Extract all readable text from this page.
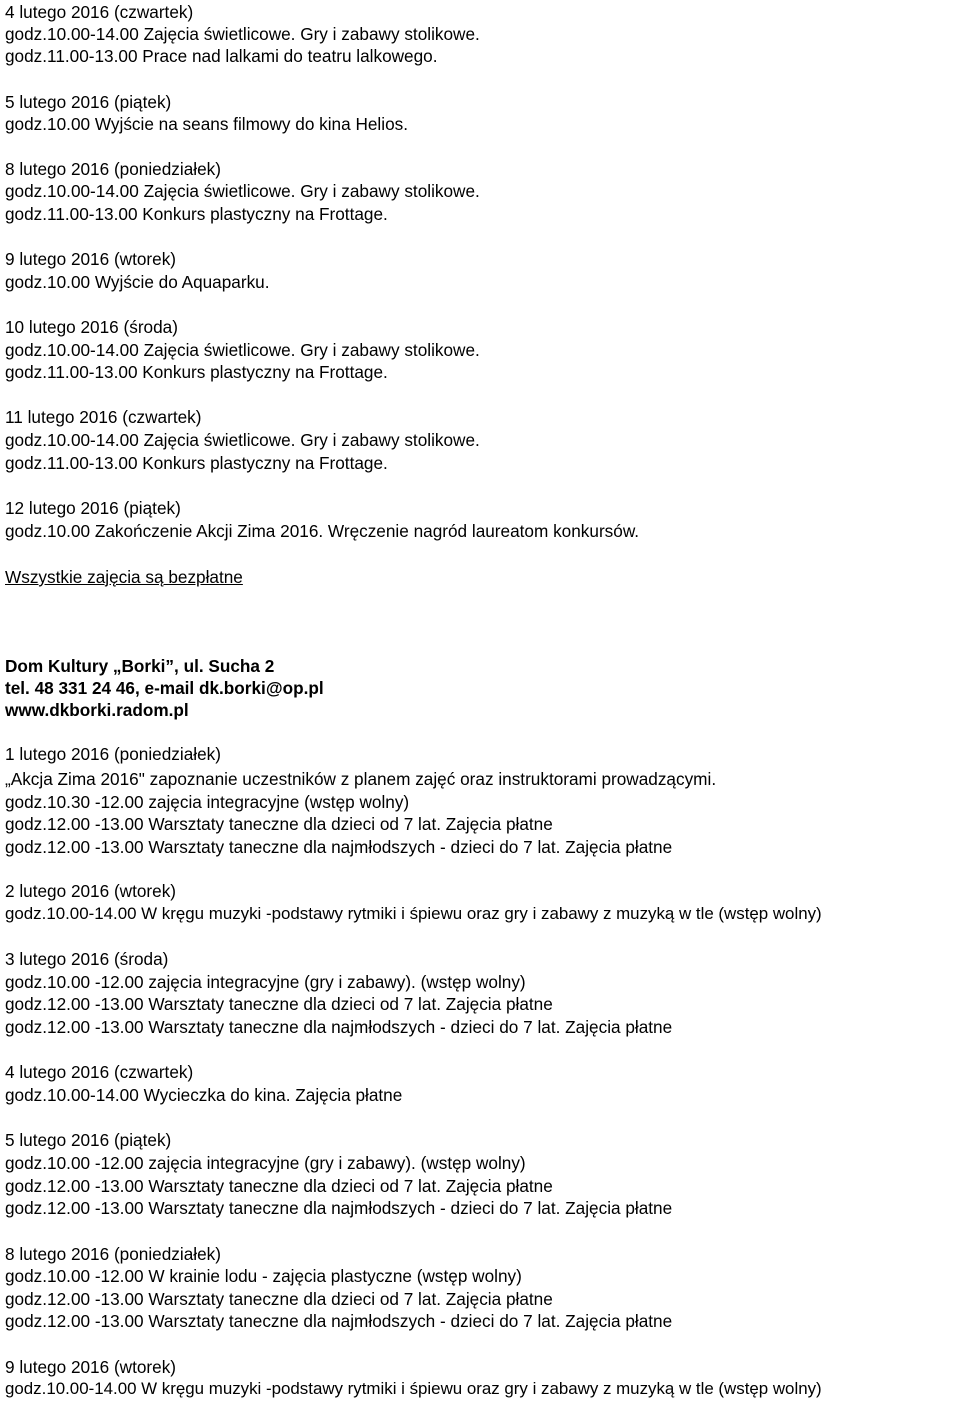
4 lutego 2016 (czwartek)

godz.10.00-14.00 Zajęcia świetlicowe. Gry i zabawy stolikowe.

godz.11.00-13.00 Prace nad lalkami do teatru lalkowego.

5 lutego 2016 (piątek)

godz.10.00 Wyjście na seans filmowy do kina Helios.

8 lutego 2016 (poniedziałek)

godz.10.00-14.00 Zajęcia świetlicowe. Gry i zabawy stolikowe.

godz.11.00-13.00 Konkurs plastyczny na Frottage.

9 lutego 2016 (wtorek)

godz.10.00 Wyjście do Aquaparku.

10 lutego 2016 (środa)

godz.10.00-14.00 Zajęcia świetlicowe. Gry i zabawy stolikowe.

godz.11.00-13.00 Konkurs plastyczny na Frottage.

11 lutego 2016 (czwartek)

godz.10.00-14.00 Zajęcia świetlicowe. Gry i zabawy stolikowe.

godz.11.00-13.00 Konkurs plastyczny na Frottage.

12 lutego 2016 (piątek)

godz.10.00 Zakończenie Akcji Zima 2016. Wręczenie nagród laureatom konkursów.

Wszystkie zajęcia są bezpłatne

Dom Kultury „Borki”, ul. Sucha 2

tel. 48 331 24 46, e-mail dk.borki@op.pl

www.dkborki.radom.pl

1 lutego 2016 (poniedziałek)

„Akcja Zima 2016" zapoznanie uczestników z planem zajęć oraz instruktorami prowadzącymi.

godz.10.30 -12.00 zajęcia integracyjne (wstęp wolny)

godz.12.00 -13.00 Warsztaty taneczne dla dzieci od 7 lat. Zajęcia płatne

godz.12.00 -13.00 Warsztaty taneczne dla najmłodszych - dzieci do 7 lat. Zajęcia płatne

2 lutego 2016 (wtorek)

godz.10.00-14.00 W kręgu muzyki -podstawy rytmiki i śpiewu oraz gry i zabawy z muzyką w tle (wstęp wolny)

3 lutego 2016 (środa)

godz.10.00 -12.00 zajęcia integracyjne (gry i zabawy). (wstęp wolny)

godz.12.00 -13.00 Warsztaty taneczne dla dzieci od 7 lat. Zajęcia płatne

godz.12.00 -13.00 Warsztaty taneczne dla najmłodszych - dzieci do 7 lat. Zajęcia płatne

4 lutego 2016 (czwartek)

godz.10.00-14.00 Wycieczka do kina. Zajęcia płatne

5 lutego 2016 (piątek)

godz.10.00 -12.00 zajęcia integracyjne (gry i zabawy). (wstęp wolny)

godz.12.00 -13.00 Warsztaty taneczne dla dzieci od 7 lat. Zajęcia płatne

godz.12.00 -13.00 Warsztaty taneczne dla najmłodszych - dzieci do 7 lat. Zajęcia płatne

8 lutego 2016 (poniedziałek)

godz.10.00 -12.00 W krainie lodu - zajęcia plastyczne (wstęp wolny)

godz.12.00 -13.00 Warsztaty taneczne dla dzieci od 7 lat. Zajęcia płatne

godz.12.00 -13.00 Warsztaty taneczne dla najmłodszych - dzieci do 7 lat. Zajęcia płatne

9 lutego 2016 (wtorek)

godz.10.00-14.00 W kręgu muzyki -podstawy rytmiki i śpiewu oraz gry i zabawy z muzyką w tle (wstęp wolny)
